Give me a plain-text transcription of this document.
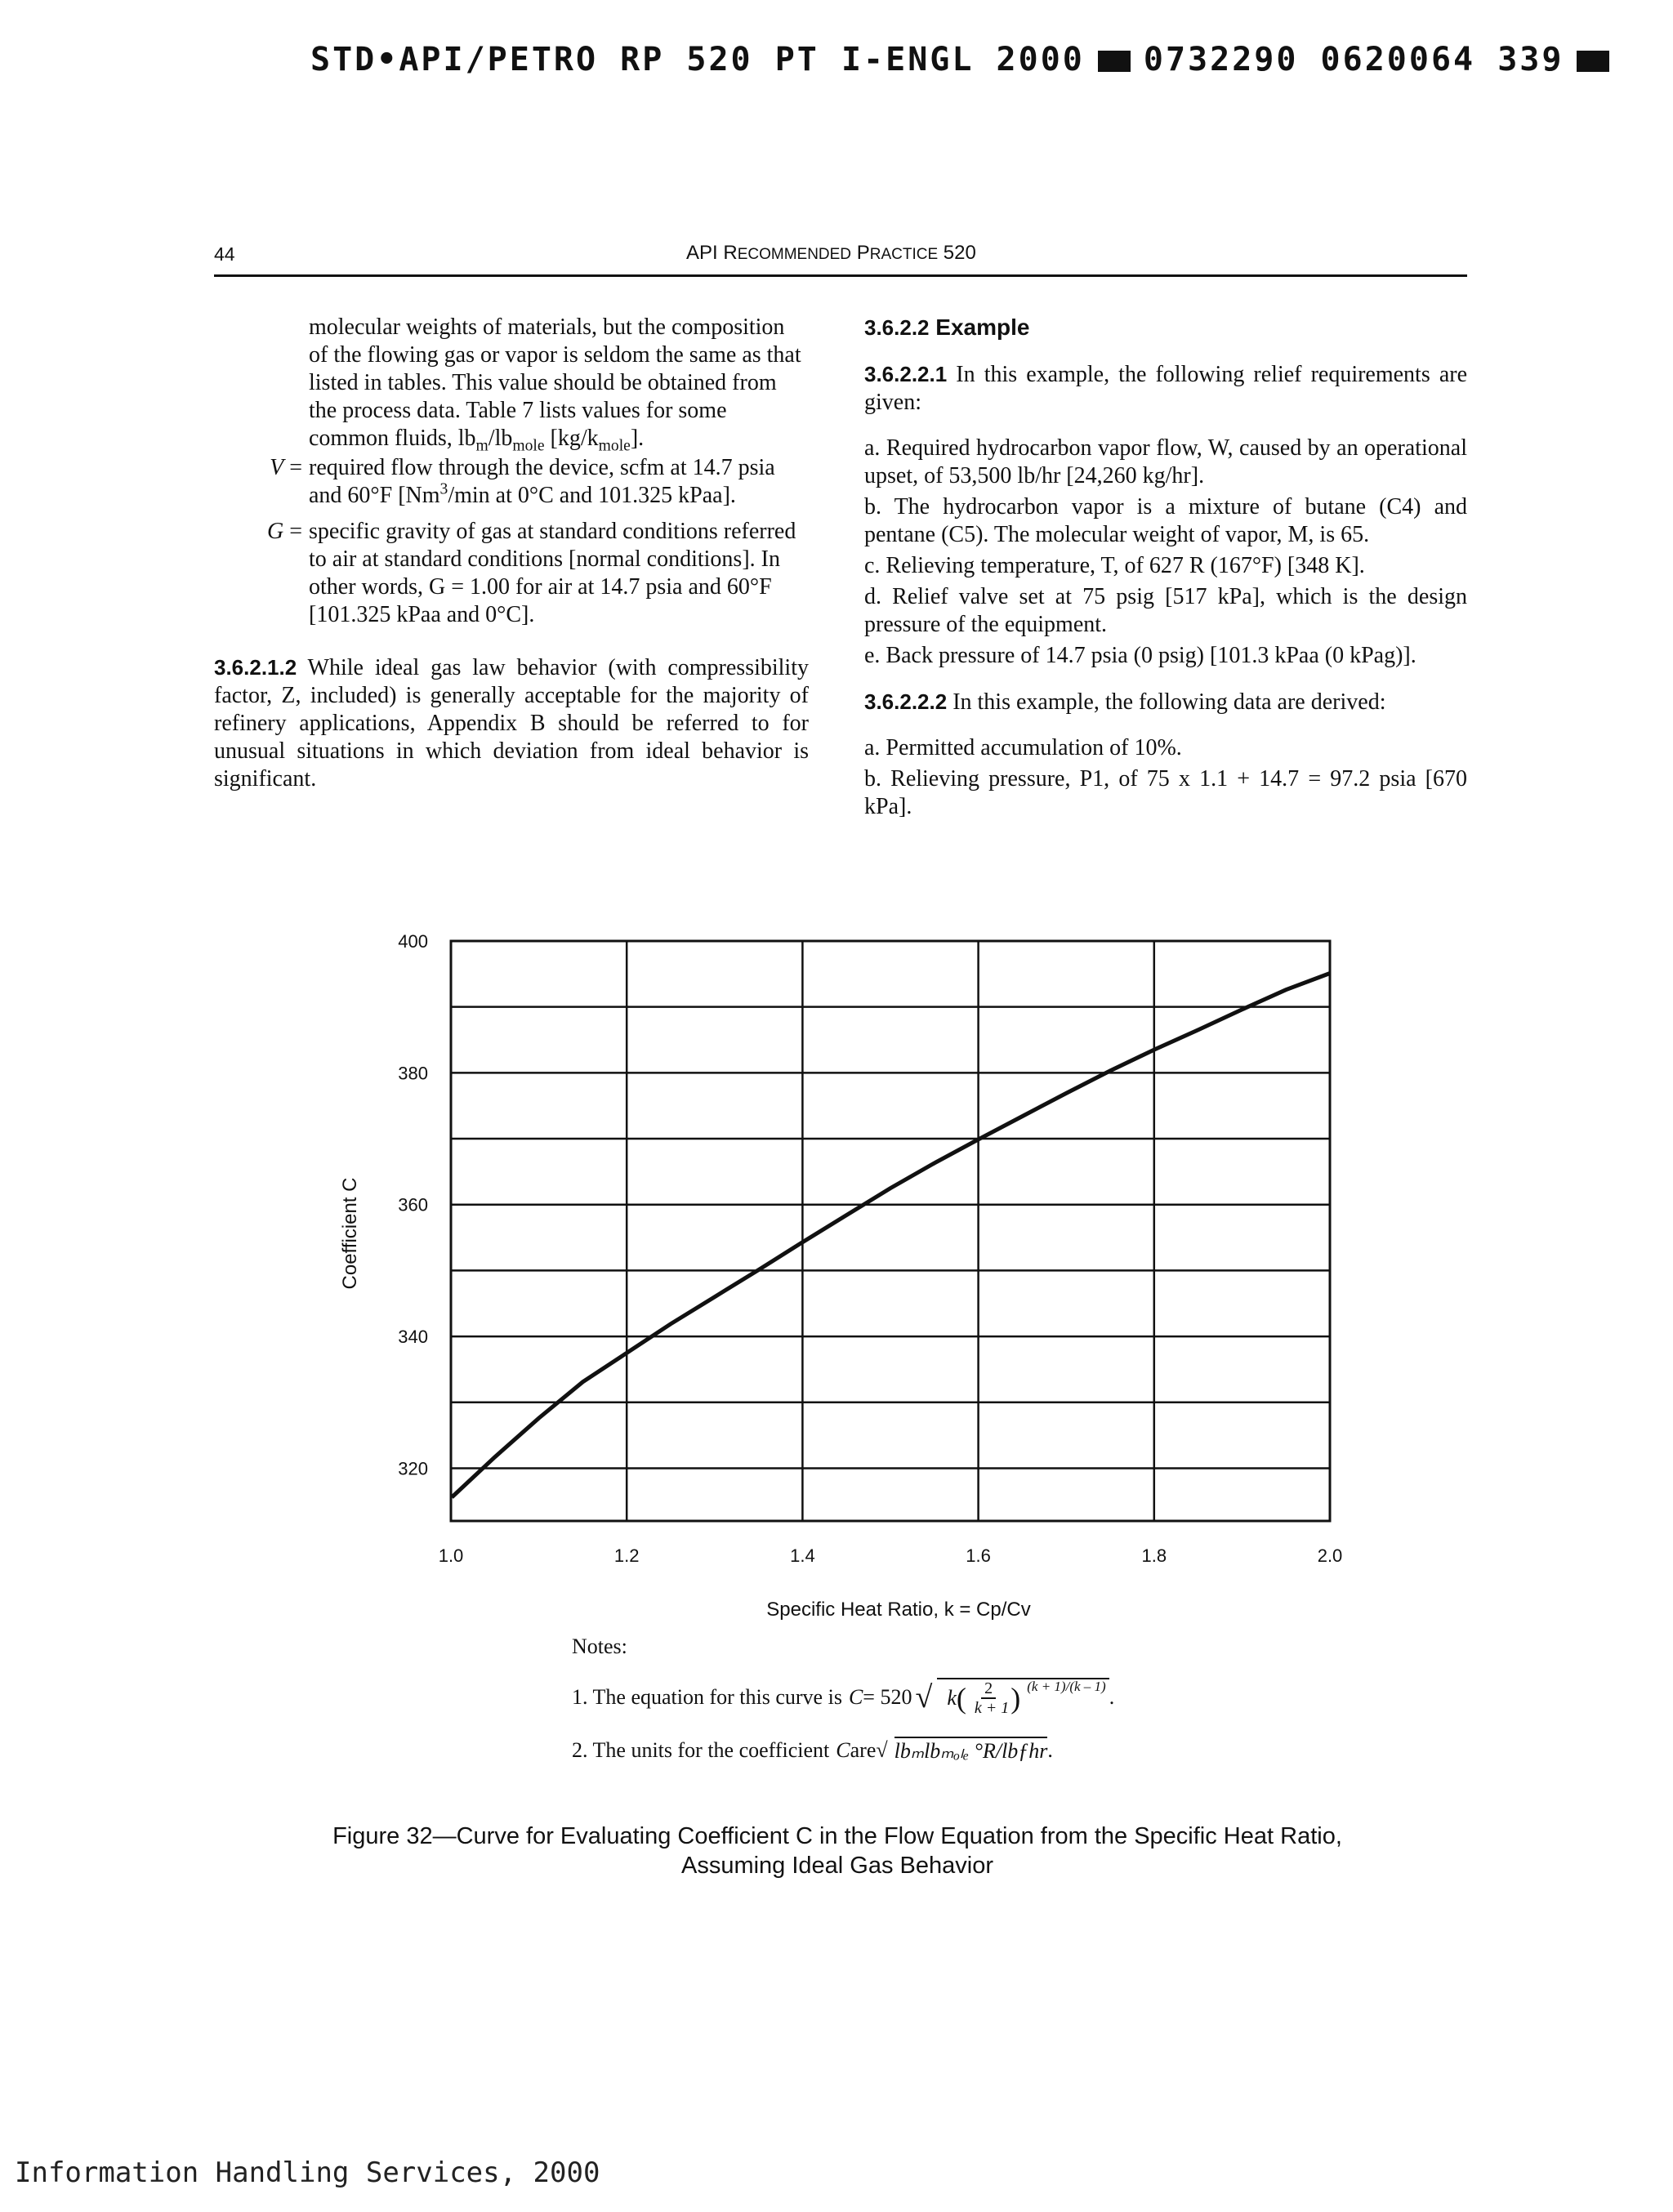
STD•API/PETRO RP 520 PT I-ENGL 2000 0732290 0620064 339
44	API RECOMMENDED PRACTICE 520
molecular weights of materials, but the composition of the flowing gas or vapor is seldom the same as that listed in tables. This value should be obtained from the process data. Table 7 lists values for some common fluids, $lb_m/lb_{mole}$ $[kg/k_{mole}]$.
V = required flow through the device, scfm at 14.7 psia and 60°F [Nm$^3$/min at 0°C and 101.325 kPaa].
G = specific gravity of gas at standard conditions referred to air at standard conditions [normal conditions]. In other words, G = 1.00 for air at 14.7 psia and 60°F [101.325 kPaa and 0°C].
3.6.2.1.2 While ideal gas law behavior (with compressibility factor, Z, included) is generally acceptable for the majority of refinery applications, Appendix B should be referred to for unusual situations in which deviation from ideal behavior is significant.
3.6.2.2 Example
3.6.2.2.1 In this example, the following relief requirements are given:
a. Required hydrocarbon vapor flow, W, caused by an operational upset, of 53,500 lb/hr [24,260 kg/hr].
b. The hydrocarbon vapor is a mixture of butane (C4) and pentane (C5). The molecular weight of vapor, M, is 65.
c. Relieving temperature, T, of 627 R (167°F) [348 K].
d. Relief valve set at 75 psig [517 kPa], which is the design pressure of the equipment.
e. Back pressure of 14.7 psia (0 psig) [101.3 kPaa (0 kPag)].
3.6.2.2.2 In this example, the following data are derived:
a. Permitted accumulation of 10%.
b. Relieving pressure, P1, of 75 x 1.1 + 14.7 = 97.2 psia [670 kPa].
400
380
360
340
320
1.0	1.2	1.4	1.6	1.8	2.0
Coefficient C
Specific Heat Ratio, k = Cp/Cv
Notes:
1. The equation for this curve is C = 520 √ k ( $\frac{2}{k + 1}$ ) $^{(k + 1)/(k - 1)}$ .
2. The units for the coefficient C are √ lbₘlbₘₒₗₑ °R/lbƒhr .
Figure 32—Curve for Evaluating Coefficient C in the Flow Equation from the Specific Heat Ratio,
Assuming Ideal Gas Behavior
Information Handling Services, 2000
